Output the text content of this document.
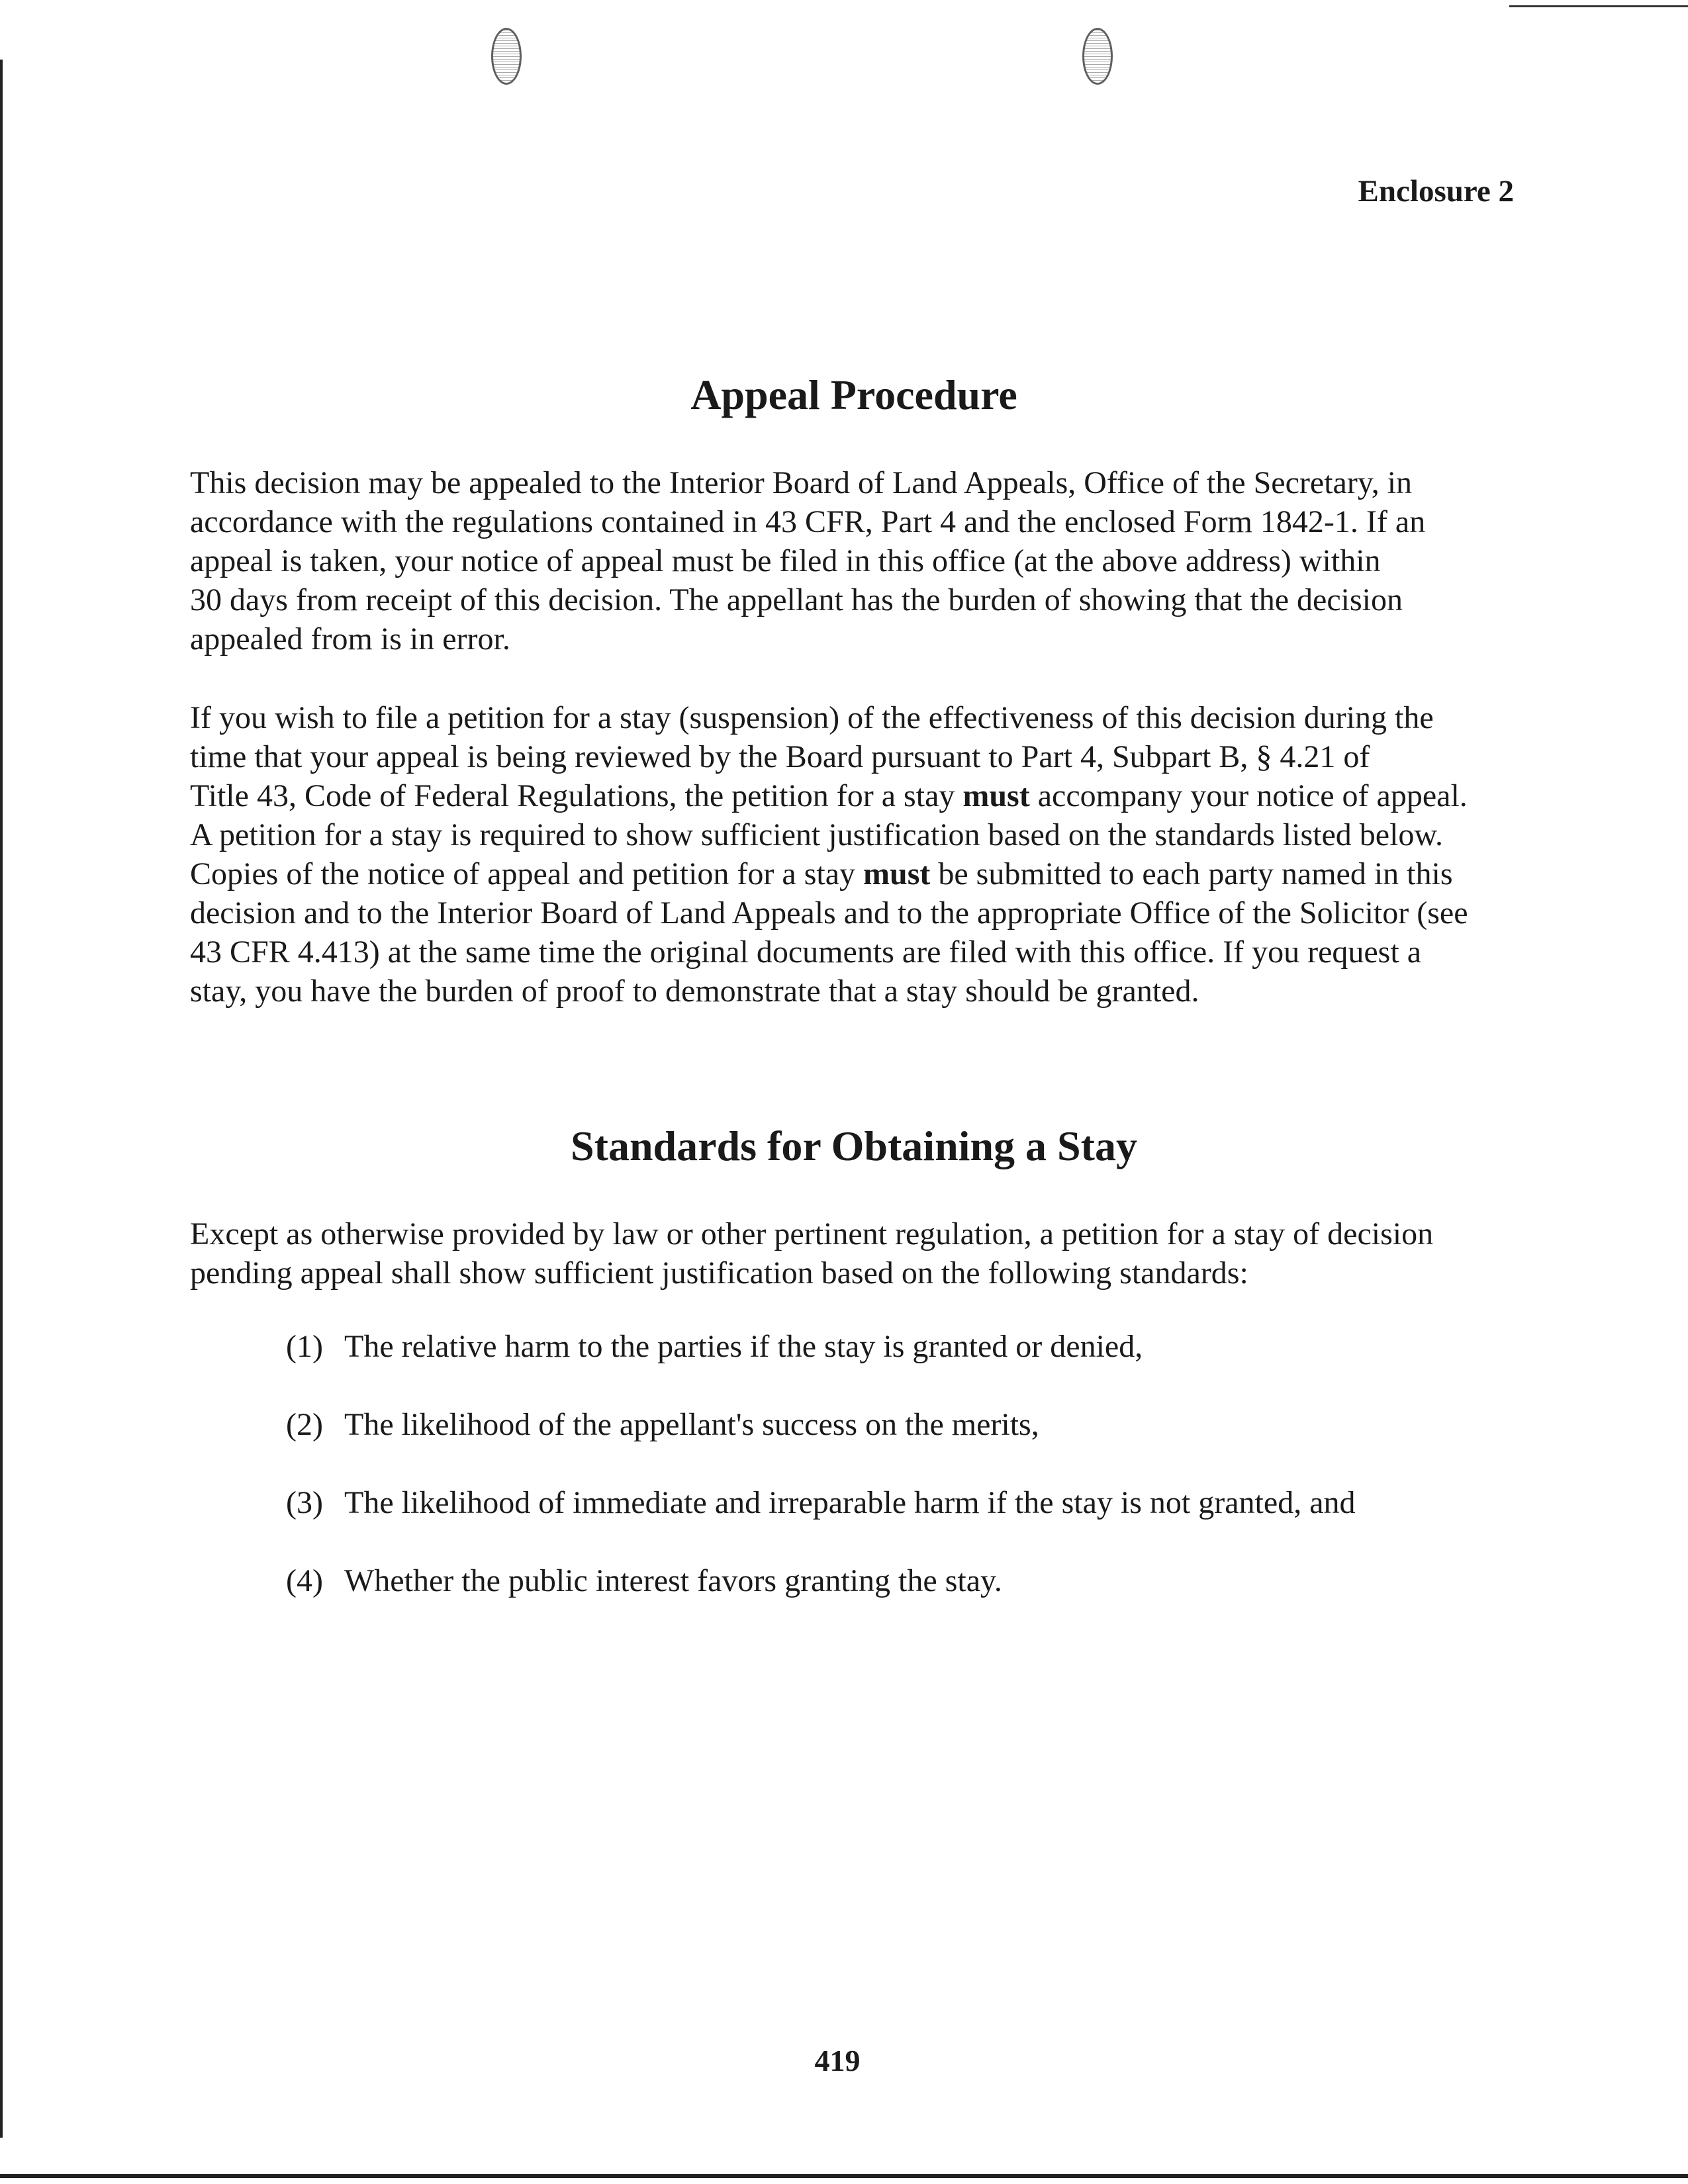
Enclosure 2
Appeal Procedure

This decision may be appealed to the Interior Board of Land Appeals, Office of the Secretary, in
accordance with the regulations contained in 43 CFR, Part 4 and the enclosed Form 1842-1. If an
appeal is taken, your notice of appeal must be filed in this office (at the above address) within
30 days from receipt of this decision. The appellant has the burden of showing that the decision
appealed from is in error.

If you wish to file a petition for a stay (suspension) of the effectiveness of this decision during the
time that your appeal is being reviewed by the Board pursuant to Part 4, Subpart B, § 4.21 of
Title 43, Code of Federal Regulations, the petition for a stay must accompany your notice of appeal.
A petition for a stay is required to show sufficient justification based on the standards listed below.
Copies of the notice of appeal and petition for a stay must be submitted to each party named in this
decision and to the Interior Board of Land Appeals and to the appropriate Office of the Solicitor (see
43 CFR 4.413) at the same time the original documents are filed with this office. If you request a
stay, you have the burden of proof to demonstrate that a stay should be granted.

Standards for Obtaining a Stay

Except as otherwise provided by law or other pertinent regulation, a petition for a stay of decision
pending appeal shall show sufficient justification based on the following standards:

(1) The relative harm to the parties if the stay is granted or denied,
(2) The likelihood of the appellant's success on the merits,
(3) The likelihood of immediate and irreparable harm if the stay is not granted, and
(4) Whether the public interest favors granting the stay.
419
